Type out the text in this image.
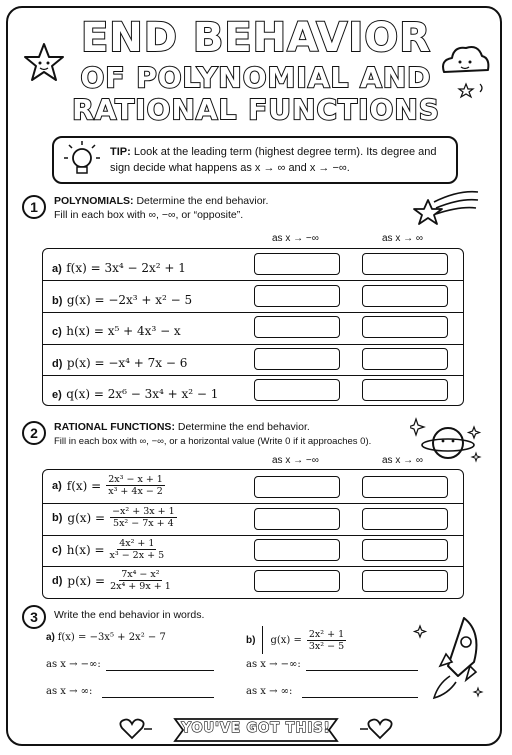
END BEHAVIOR
OF POLYNOMIAL AND
RATIONAL FUNCTIONS
TIP: Look at the leading term (highest degree term). Its degree and sign decide what happens as x → ∞ and x → −∞.
1	POLYNOMIALS: Determine the end behavior.
Fill in each box with ∞, −∞, or “opposite”.
as x → −∞	as x → ∞
a) f(x) = 3x⁴ − 2x² + 1
b) g(x) = −2x³ + x² − 5
c) h(x) = x⁵ + 4x³ − x
d) p(x) = −x⁴ + 7x − 6
e) q(x) = 2x⁶ − 3x⁴ + x² − 1
2	RATIONAL FUNCTIONS: Determine the end behavior.
Fill in each box with ∞, −∞, or a horizontal value (Write 0 if it approaches 0).
as x → −∞	as x → ∞
a) $f(x) = \frac{\text{2x³ − x + 1}}{\text{x³ + 4x − 2}}$
b) $g(x) = \frac{\text{−x² + 3x + 1}}{\text{5x² − 7x + 4}}$
c) $h(x) = \frac{\text{4x² + 1}}{\text{x³ − 2x + 5}}$
d) $p(x) = \frac{\text{7x⁴ − x²}}{\text{2x⁴ + 9x + 1}}$
3	Write the end behavior in words.
a) f(x) = −3x⁵ + 2x² − 7	b) $g(x) = \frac{\text{2x² + 1}}{\text{3x² − 5}}$
as x → −∞:
as x → ∞:
as x → −∞:
as x → ∞:
YOU'VE GOT THIS!
